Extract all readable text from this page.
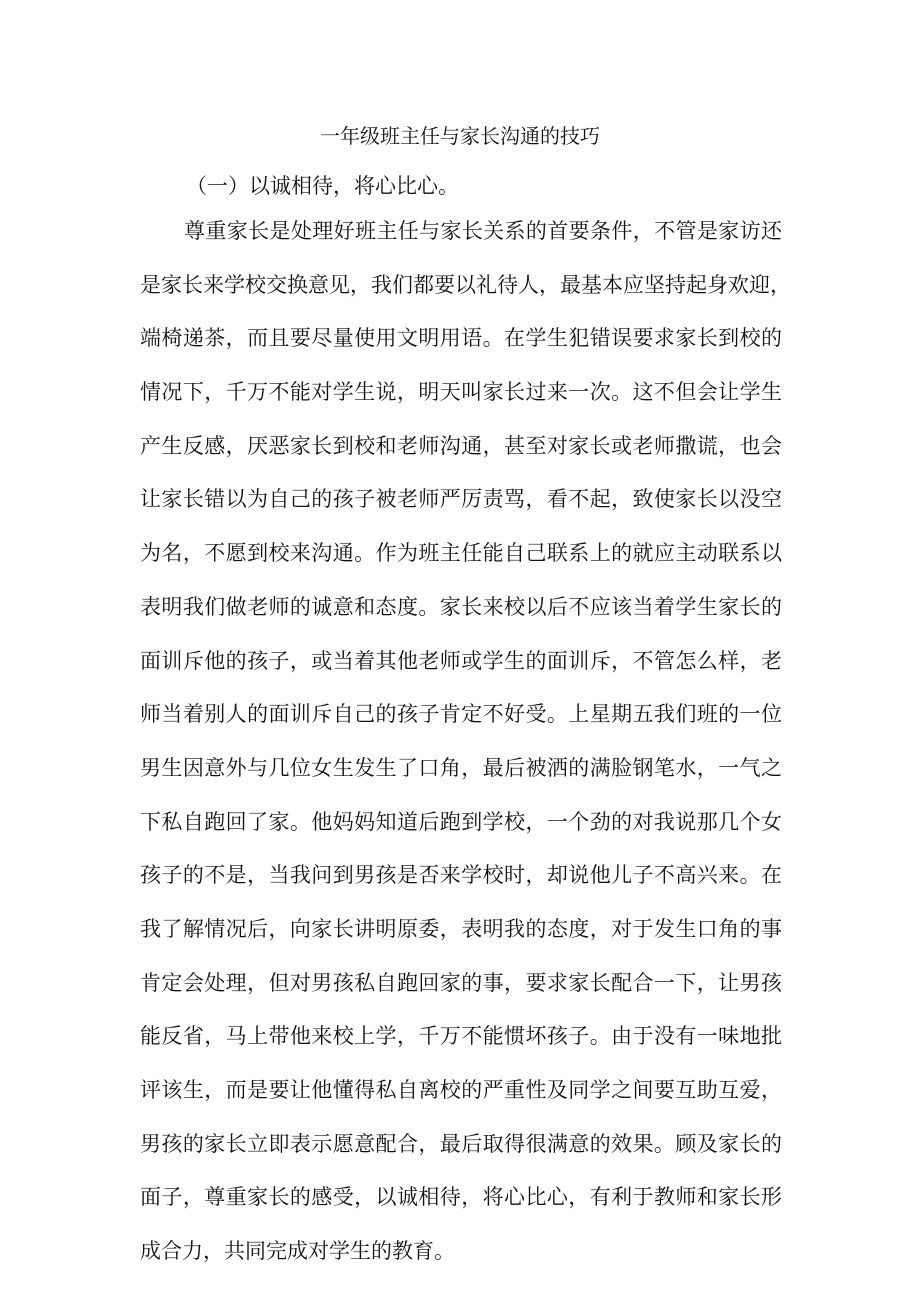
一年级班主任与家长沟通的技巧
（一）以诚相待，将心比心。
尊重家长是处理好班主任与家长关系的首要条件，不管是家访还
是家长来学校交换意见，我们都要以礼待人，最基本应坚持起身欢迎，
端椅递茶，而且要尽量使用文明用语。在学生犯错误要求家长到校的
情况下，千万不能对学生说，明天叫家长过来一次。这不但会让学生
产生反感，厌恶家长到校和老师沟通，甚至对家长或老师撒谎，也会
让家长错以为自己的孩子被老师严厉责骂，看不起，致使家长以没空
为名，不愿到校来沟通。作为班主任能自己联系上的就应主动联系以
表明我们做老师的诚意和态度。家长来校以后不应该当着学生家长的
面训斥他的孩子，或当着其他老师或学生的面训斥，不管怎么样，老
师当着别人的面训斥自己的孩子肯定不好受。上星期五我们班的一位
男生因意外与几位女生发生了口角，最后被洒的满脸钢笔水，一气之
下私自跑回了家。他妈妈知道后跑到学校，一个劲的对我说那几个女
孩子的不是，当我问到男孩是否来学校时，却说他儿子不高兴来。在
我了解情况后，向家长讲明原委，表明我的态度，对于发生口角的事
肯定会处理，但对男孩私自跑回家的事，要求家长配合一下，让男孩
能反省，马上带他来校上学，千万不能惯坏孩子。由于没有一味地批
评该生，而是要让他懂得私自离校的严重性及同学之间要互助互爱，
男孩的家长立即表示愿意配合，最后取得很满意的效果。顾及家长的
面子，尊重家长的感受，以诚相待，将心比心，有利于教师和家长形
成合力，共同完成对学生的教育。
